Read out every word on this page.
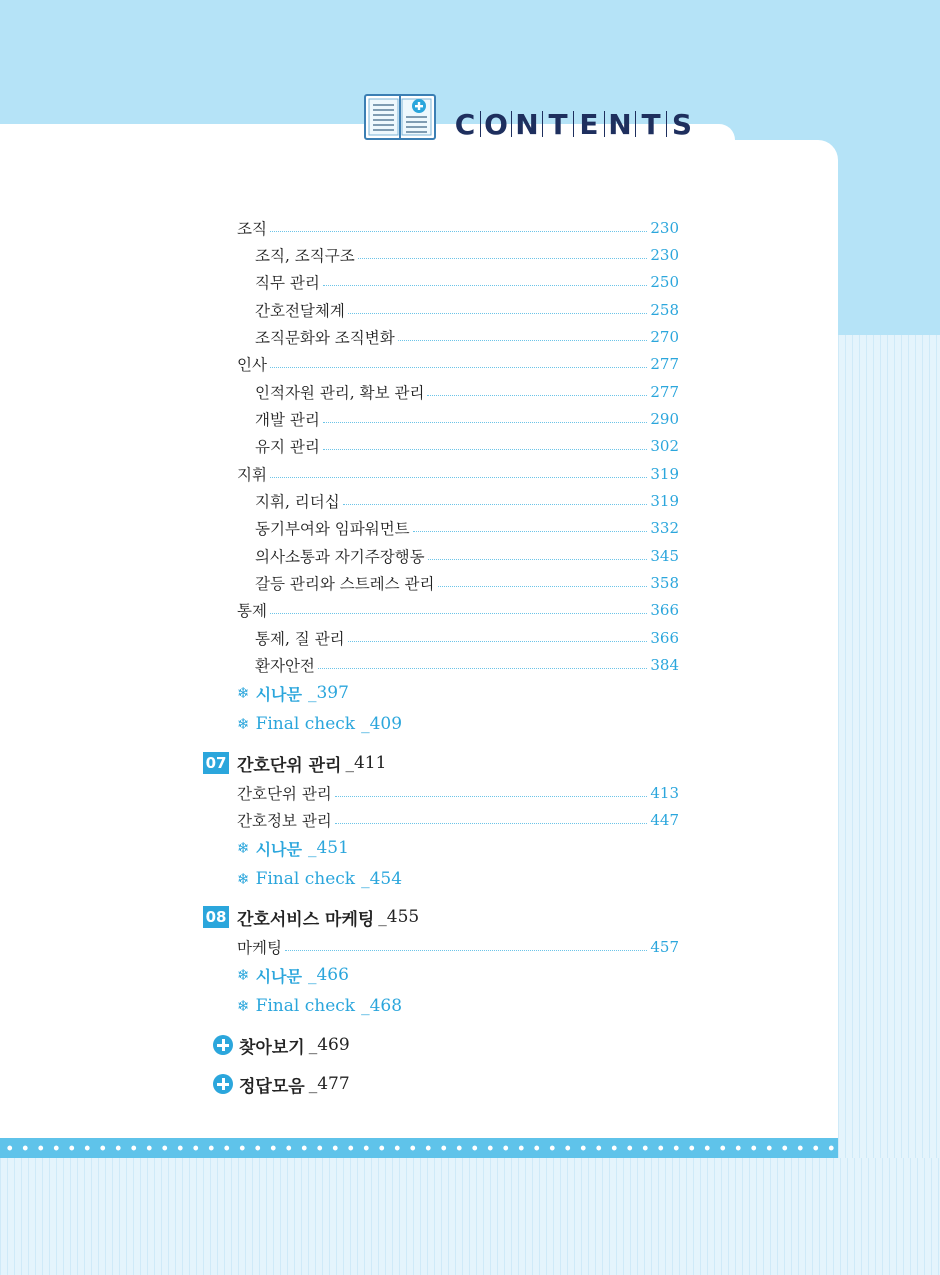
C O N T E N T S
조직	230
조직, 조직구조	230
직무 관리	250
간호전달체계	258
조직문화와 조직변화	270
인사	277
인적자원 관리, 확보 관리	277
개발 관리	290
유지 관리	302
지휘	319
지휘, 리더십	319
동기부여와 임파워먼트	332
의사소통과 자기주장행동	345
갈등 관리와 스트레스 관리	358
통제	366
통제, 질 관리	366
환자안전	384
❄ 시나문 _397
❄ Final check _409
07 간호단위 관리 _411
간호단위 관리	413
간호정보 관리	447
❄ 시나문 _451
❄ Final check _454
08 간호서비스 마케팅 _455
마케팅	457
❄ 시나문 _466
❄ Final check _468
찾아보기 _469
정답모음 _477
